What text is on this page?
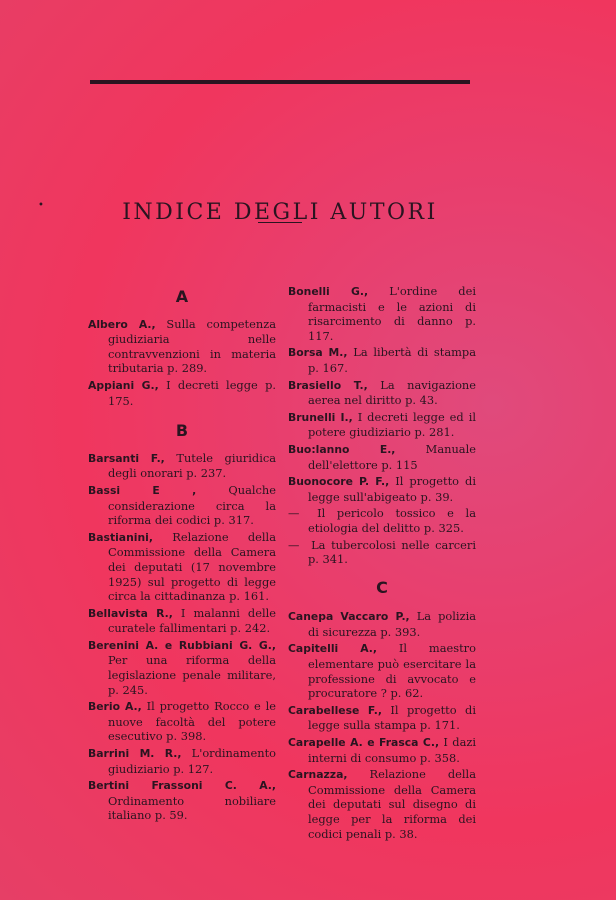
•	INDICE DEGLI AUTORI
A

Albero A., Sulla competenza giudiziaria nelle contravvenzioni in materia tributaria p. 289.

Appiani G., I decreti legge p. 175.

B

Barsanti F., Tutele giuridica degli onorari p. 237.

Bassi E , Qualche considerazione circa la riforma dei codici p. 317.

Bastianini, Relazione della Commissione della Camera dei deputati (17 novembre 1925) sul progetto di legge circa la cittadinanza p. 161.

Bellavista R., I malanni delle curatele fallimentari p. 242.

Berenini A. e Rubbiani G. G., Per una riforma della legislazione penale militare, p. 245.

Berio A., Il progetto Rocco e le nuove facoltà del potere esecutivo p. 398.

Barrini M. R., L'ordinamento giudiziario p. 127.

Bertini Frassoni C. A., Ordinamento nobiliare italiano p. 59.

Bonelli G., L'ordine dei farmacisti e le azioni di risarcimento di danno p. 117.

Borsa M., La libertà di stampa p. 167.

Brasiello T., La navigazione aerea nel diritto p. 43.

Brunelli I., I decreti legge ed il potere giudiziario p. 281.

Buo:lanno E., Manuale dell'elettore p. 115

Buonocore P. F., Il progetto di legge sull'abigeato p. 39.

— Il pericolo tossico e la etiologia del delitto p. 325.

— La tubercolosi nelle carceri p. 341.

C

Canepa Vaccaro P., La polizia di sicurezza p. 393.

Capitelli A., Il maestro elementare può esercitare la professione di avvocato e procuratore ? p. 62.

Carabellese F., Il progetto di legge sulla stampa p. 171.

Carapelle A. e Frasca C., I dazi interni di consumo p. 358.

Carnazza, Relazione della Commissione della Camera dei deputati sul disegno di legge per la riforma dei codici penali p. 38.
